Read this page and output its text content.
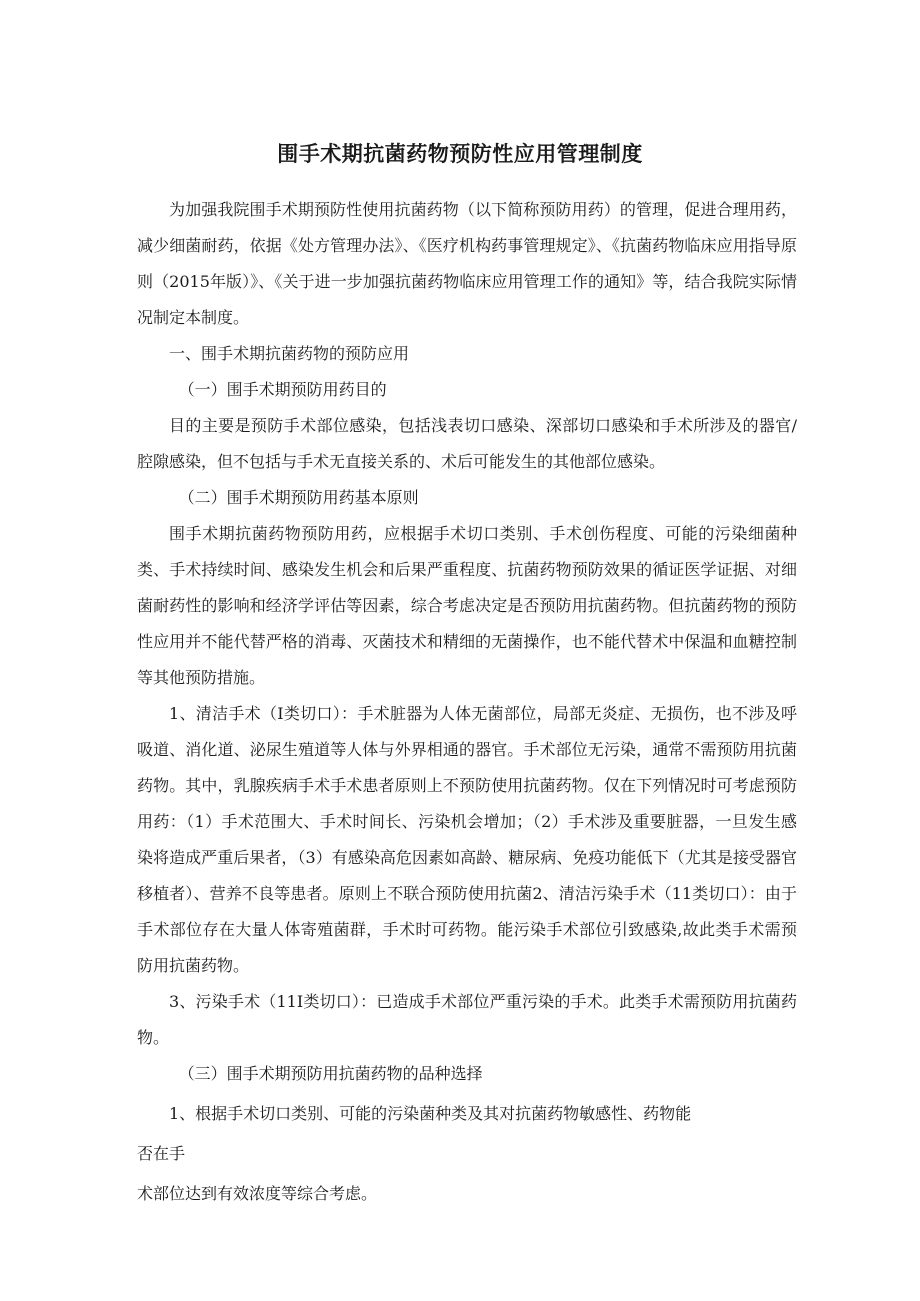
围手术期抗菌药物预防性应用管理制度

为加强我院围手术期预防性使用抗菌药物（以下简称预防用药）的管理，促进合理用药，减少细菌耐药，依据《处方管理办法》、《医疗机构药事管理规定》、《抗菌药物临床应用指导原则（2015年版）》、《关于进一步加强抗菌药物临床应用管理工作的通知》等，结合我院实际情况制定本制度。

一、围手术期抗菌药物的预防应用

（一）围手术期预防用药目的

目的主要是预防手术部位感染，包括浅表切口感染、深部切口感染和手术所涉及的器官/腔隙感染，但不包括与手术无直接关系的、术后可能发生的其他部位感染。

（二）围手术期预防用药基本原则

围手术期抗菌药物预防用药，应根据手术切口类别、手术创伤程度、可能的污染细菌种类、手术持续时间、感染发生机会和后果严重程度、抗菌药物预防效果的循证医学证据、对细菌耐药性的影响和经济学评估等因素，综合考虑决定是否预防用抗菌药物。但抗菌药物的预防性应用并不能代替严格的消毒、灭菌技术和精细的无菌操作，也不能代替术中保温和血糖控制等其他预防措施。

1、清洁手术（I类切口）：手术脏器为人体无菌部位，局部无炎症、无损伤，也不涉及呼吸道、消化道、泌尿生殖道等人体与外界相通的器官。手术部位无污染，通常不需预防用抗菌药物。其中，乳腺疾病手术手术患者原则上不预防使用抗菌药物。仅在下列情况时可考虑预防用药：（1）手术范围大、手术时间长、污染机会增加；（2）手术涉及重要脏器，一旦发生感染将造成严重后果者，（3）有感染高危因素如高龄、糖尿病、免疫功能低下（尤其是接受器官移植者）、营养不良等患者。原则上不联合预防使用抗菌2、清洁污染手术（11类切口）：由于手术部位存在大量人体寄殖菌群，手术时可药物。能污染手术部位引致感染,故此类手术需预防用抗菌药物。

3、污染手术（11I类切口）：已造成手术部位严重污染的手术。此类手术需预防用抗菌药物。

（三）围手术期预防用抗菌药物的品种选择

1、根据手术切口类别、可能的污染菌种类及其对抗菌药物敏感性、药物能

否在手

术部位达到有效浓度等综合考虑。
